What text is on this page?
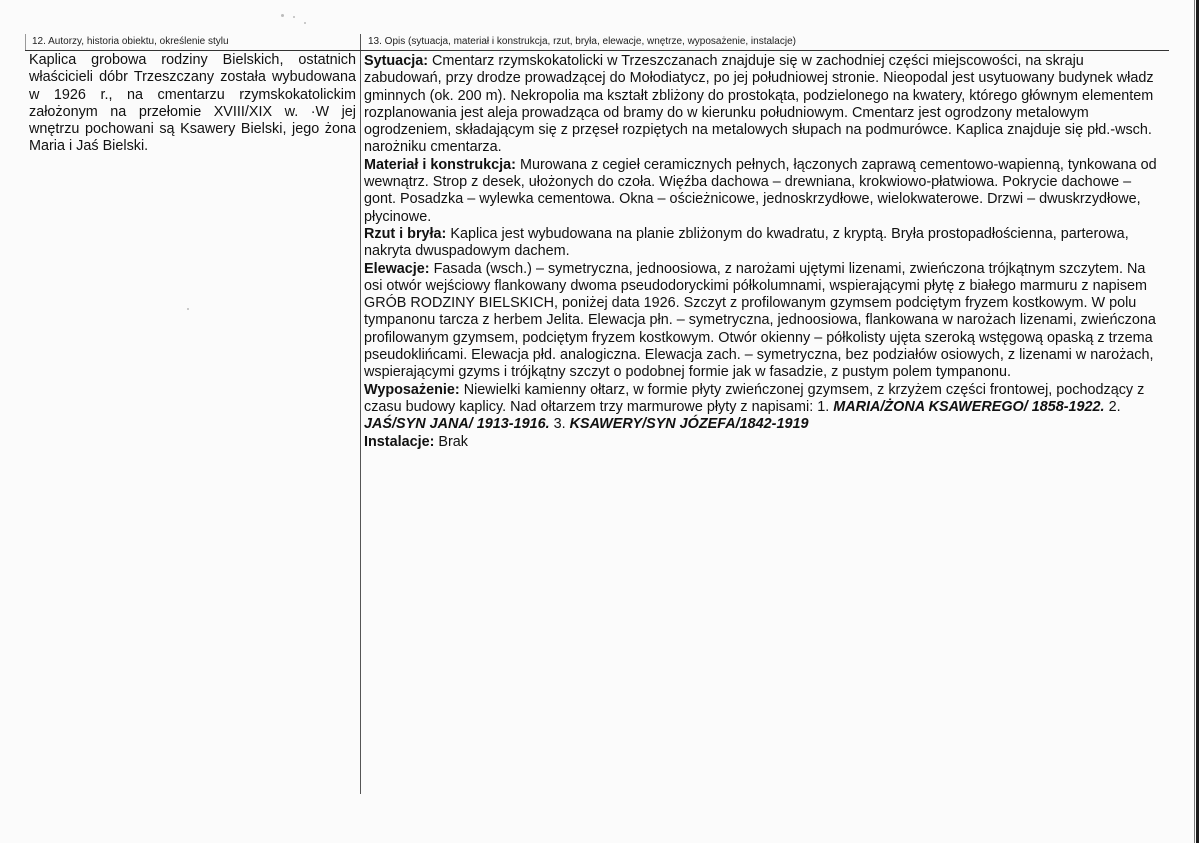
12. Autorzy, historia obiektu, określenie stylu	13. Opis (sytuacja, materiał i konstrukcja, rzut, bryła, elewacje, wnętrze, wyposażenie, instalacje)
Kaplica grobowa rodziny Bielskich, ostatnich właścicieli dóbr Trzeszczany została wybudowana w 1926 r., na cmentarzu rzymskokatolickim założonym na przełomie XVIII/XIX w. ·W jej wnętrzu pochowani są Ksawery Bielski, jego żona Maria i Jaś Bielski.

Sytuacja: Cmentarz rzymskokatolicki w Trzeszczanach znajduje się w zachodniej części miejscowości, na skraju zabudowań, przy drodze prowadzącej do Mołodiatycz, po jej południowej stronie. Nieopodal jest usytuowany budynek władz gminnych (ok. 200 m). Nekropolia ma kształt zbliżony do prostokąta, podzielonego na kwatery, którego głównym elementem rozplanowania jest aleja prowadząca od bramy do w kierunku południowym. Cmentarz jest ogrodzony metalowym ogrodzeniem, składającym się z przęseł rozpiętych na metalowych słupach na podmurówce. Kaplica znajduje się płd.-wsch. narożniku cmentarza.

Materiał i konstrukcja: Murowana z cegieł ceramicznych pełnych, łączonych zaprawą cementowo-wapienną, tynkowana od wewnątrz. Strop z desek, ułożonych do czoła. Więźba dachowa – drewniana, krokwiowo-płatwiowa. Pokrycie dachowe – gont. Posadzka – wylewka cementowa. Okna – ościeżnicowe, jednoskrzydłowe, wielokwaterowe. Drzwi – dwuskrzydłowe, płycinowe.

Rzut i bryła: Kaplica jest wybudowana na planie zbliżonym do kwadratu, z kryptą. Bryła prostopadłościenna, parterowa, nakryta dwuspadowym dachem.

Elewacje: Fasada (wsch.) – symetryczna, jednoosiowa, z narożami ujętymi lizenami, zwieńczona trójkątnym szczytem. Na osi otwór wejściowy flankowany dwoma pseudodoryckimi półkolumnami, wspierającymi płytę z białego marmuru z napisem GRÓB RODZINY BIELSKICH, poniżej data 1926. Szczyt z profilowanym gzymsem podciętym fryzem kostkowym. W polu tympanonu tarcza z herbem Jelita. Elewacja płn. – symetryczna, jednoosiowa, flankowana w narożach lizenami, zwieńczona profilowanym gzymsem, podciętym fryzem kostkowym. Otwór okienny – półkolisty ujęta szeroką wstęgową opaską z trzema pseudoklińcami. Elewacja płd. analogiczna. Elewacja zach. – symetryczna, bez podziałów osiowych, z lizenami w narożach, wspierającymi gzyms i trójkątny szczyt o podobnej formie jak w fasadzie, z pustym polem tympanonu.

Wyposażenie: Niewielki kamienny ołtarz, w formie płyty zwieńczonej gzymsem, z krzyżem części frontowej, pochodzący z czasu budowy kaplicy. Nad ołtarzem trzy marmurowe płyty z napisami: 1. MARIA/ŻONA KSAWEREGO/ 1858-1922. 2. JAŚ/SYN JANA/ 1913-1916. 3. KSAWERY/SYN JÓZEFA/1842-1919

Instalacje: Brak
